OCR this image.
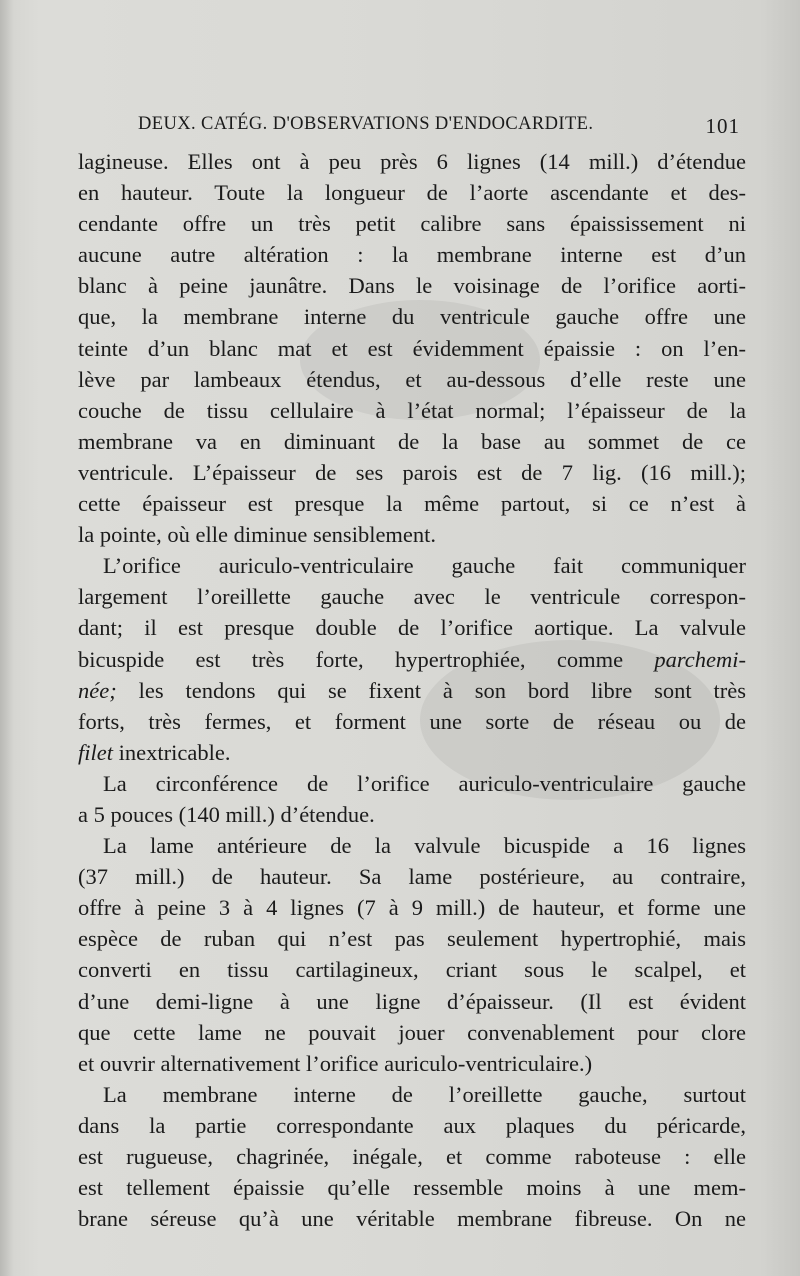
DEUX. CATÉG. D'OBSERVATIONS D'ENDOCARDITE.	101

lagineuse. Elles ont à peu près 6 lignes (14 mill.) d’étendue
en hauteur. Toute la longueur de l’aorte ascendante et des-
cendante offre un très petit calibre sans épaississement ni
aucune autre altération : la membrane interne est d’un
blanc à peine jaunâtre. Dans le voisinage de l’orifice aorti-
que, la membrane interne du ventricule gauche offre une
teinte d’un blanc mat et est évidemment épaissie : on l’en-
lève par lambeaux étendus, et au-dessous d’elle reste une
couche de tissu cellulaire à l’état normal; l’épaisseur de la
membrane va en diminuant de la base au sommet de ce
ventricule. L’épaisseur de ses parois est de 7 lig. (16 mill.);
cette épaisseur est presque la même partout, si ce n’est à
la pointe, où elle diminue sensiblement.

L’orifice auriculo-ventriculaire gauche fait communiquer
largement l’oreillette gauche avec le ventricule correspon-
dant; il est presque double de l’orifice aortique. La valvule
bicuspide est très forte, hypertrophiée, comme parchemi-
née; les tendons qui se fixent à son bord libre sont très
forts, très fermes, et forment une sorte de réseau ou de
filet inextricable.

La circonférence de l’orifice auriculo-ventriculaire gauche
a 5 pouces (140 mill.) d’étendue.

La lame antérieure de la valvule bicuspide a 16 lignes
(37 mill.) de hauteur. Sa lame postérieure, au contraire,
offre à peine 3 à 4 lignes (7 à 9 mill.) de hauteur, et forme une
espèce de ruban qui n’est pas seulement hypertrophié, mais
converti en tissu cartilagineux, criant sous le scalpel, et
d’une demi-ligne à une ligne d’épaisseur. (Il est évident
que cette lame ne pouvait jouer convenablement pour clore
et ouvrir alternativement l’orifice auriculo-ventriculaire.)

La membrane interne de l’oreillette gauche, surtout
dans la partie correspondante aux plaques du péricarde,
est rugueuse, chagrinée, inégale, et comme raboteuse : elle
est tellement épaissie qu’elle ressemble moins à une mem-
brane séreuse qu’à une véritable membrane fibreuse. On ne
